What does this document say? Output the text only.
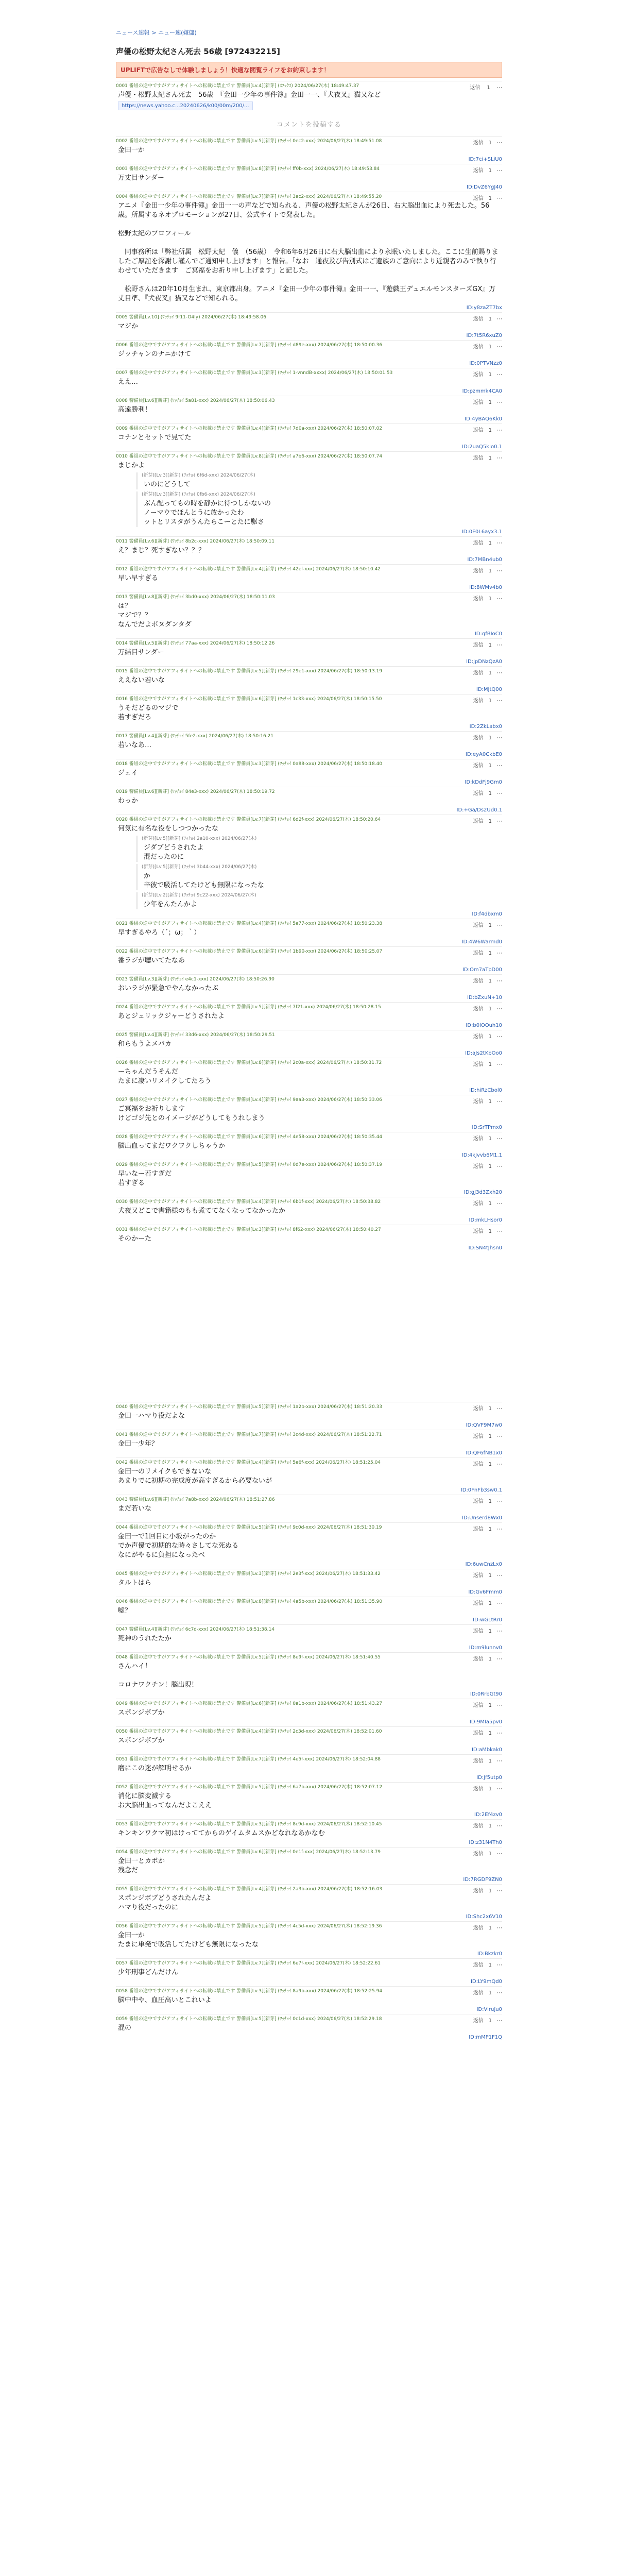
ニュース速報 > ニュー速(嫌儲)
声優の松野太紀さん死去 56歳 [972432215]
UPLIFTで広告なしで体験しましょう！快適な閲覧ライフをお約束します！
0001 番組の途中ですがアフィサイトへの転載は禁止です 警備員[Lv.4][新芽] (ｽﾌｯｸｽ) 2024/06/27(木) 18:49:47.37	返信 1 ⋯
声優・松野太紀さん死去　56歳　『金田一少年の事件簿』金田一一、『犬夜叉』猫又など
https://news.yahoo.c...20240626/k00/00m/200/...
コメントを投稿する
0002 番組の途中ですがアフィサイトへの転載は禁止です 警備員[Lv.5][新芽] (ﾜｯﾁｮｲ 0ec2-xxx) 2024/06/27(木) 18:49:51.08	返信 1 ⋯
金田一か
ID:7ci+SLiU0
0003 番組の途中ですがアフィサイトへの転載は禁止です 警備員[Lv.8][新芽] (ﾜｯﾁｮｲ ff0b-xxx) 2024/06/27(木) 18:49:53.84	返信 1 ⋯
万丈目サンダー
ID:DvZ6YgJ40
0004 番組の途中ですがアフィサイトへの転載は禁止です 警備員[Lv.7][新芽] (ﾜｯﾁｮｲ 3ac2-xxx) 2024/06/27(木) 18:49:55.20	返信 1 ⋯
アニメ『金田一少年の事件簿』金田一一の声などで知られる、声優の松野太紀さんが26日、右大脳出血により死去した。56歳。所属するネオプロモーションが27日、公式サイトで発表した。

松野太紀のプロフィール

　同事務所は「弊社所属　松野太紀　儀　（56歳）　令和6年6月26日に右大脳出血により永眠いたしました。ここに生前賜りましたご厚誼を深謝し謹んでご通知申し上げます」と報告。「なお　通夜及び告別式はご遺族のご意向により近親者のみで執り行わせていただきます　ご冥福をお祈り申し上げます」と記した。

　松野さんは20年10月生まれ、東京都出身。アニメ『金田一少年の事件簿』金田一一、『遊戯王デュエルモンスターズGX』万丈目準、『犬夜叉』猫又などで知られる。
ID:y8zaZT7bx
0005 警備員[Lv.10] (ﾜｯﾁｮｲ 9f11-O4Iy) 2024/06/27(木) 18:49:58.06	返信 1 ⋯
マジか
ID:7t5R6xuZ0
0006 番組の途中ですがアフィサイトへの転載は禁止です 警備員[Lv.7][新芽] (ﾜｯﾁｮｲ d89e-xxx) 2024/06/27(木) 18:50:00.36	返信 1 ⋯
ジッチャンのナニかけて
ID:0PTVNzz0
0007 番組の途中ですがアフィサイトへの転載は禁止です 警備員[Lv.3][新芽] (ﾜｯﾁｮｲ 1-vnndB-xxxx) 2024/06/27(木) 18:50:01.53	返信 1 ⋯
ええ…
ID:pzmmk4CA0
0008 警備員[Lv.6][新芽] (ﾜｯﾁｮｲ 5a81-xxx) 2024/06/27(木) 18:50:06.43	返信 1 ⋯
高遠勝利！
ID:4yBAQ6Kk0
0009 番組の途中ですがアフィサイトへの転載は禁止です 警備員[Lv.4][新芽] (ﾜｯﾁｮｲ 7d0a-xxx) 2024/06/27(木) 18:50:07.02	返信 1 ⋯
コナンとセットで見てた
ID:2uaQ5kIo0.1
0010 番組の途中ですがアフィサイトへの転載は禁止です 警備員[Lv.8][新芽] (ﾜｯﾁｮｲ a7b6-xxx) 2024/06/27(木) 18:50:07.74	返信 1 ⋯
まじかよ
(新芽)[Lv.3][新芽] (ﾜｯﾁｮｲ 6f6d-xxx) 2024/06/27(木)
いのにどうして
(新芽)[Lv.3][新芽] (ﾜｯﾁｮｲ 0fb6-xxx) 2024/06/27(木)
ぶん配ってもの時を静かに待つしかないの
ノーマウでほんとうに放かったわ
ットとリスタがうんたらこーとたに駆さ
ID:0F0L6ayx3.1
0011 警備員[Lv.6][新芽] (ﾜｯﾁｮｲ 8b2c-xxx) 2024/06/27(木) 18:50:09.11	返信 1 ⋯
え？まじ？死すぎない？？？
ID:7MBn4ub0
0012 番組の途中ですがアフィサイトへの転載は禁止です 警備員[Lv.4][新芽] (ﾜｯﾁｮｲ 42ef-xxx) 2024/06/27(木) 18:50:10.42	返信 1 ⋯
早い早すぎる
ID:8WMv4b0
0013 警備員[Lv.8][新芽] (ﾜｯﾁｮｲ 3bd0-xxx) 2024/06/27(木) 18:50:11.03	返信 1 ⋯
は？
マジで？？
なんでだよポヌダンタダ
ID:qfBIoC0
0014 警備員[Lv.5][新芽] (ﾜｯﾁｮｲ 77aa-xxx) 2024/06/27(木) 18:50:12.26	返信 1 ⋯
万結目サンダー
ID:jpDNzQzA0
0015 番組の途中ですがアフィサイトへの転載は禁止です 警備員[Lv.5][新芽] (ﾜｯﾁｮｲ 29e1-xxx) 2024/06/27(木) 18:50:13.19	返信 1 ⋯
ええない若いな
ID:MJtQ00
0016 番組の途中ですがアフィサイトへの転載は禁止です 警備員[Lv.6][新芽] (ﾜｯﾁｮｲ 1c33-xxx) 2024/06/27(木) 18:50:15.50	返信 1 ⋯
うそだどるのマジで
若すぎだろ
ID:2ZkLabx0
0017 警備員[Lv.4][新芽] (ﾜｯﾁｮｲ 5fe2-xxx) 2024/06/27(木) 18:50:16.21	返信 1 ⋯
若いなあ…
ID:eyA0CkbE0
0018 番組の途中ですがアフィサイトへの転載は禁止です 警備員[Lv.3][新芽] (ﾜｯﾁｮｲ 0a88-xxx) 2024/06/27(木) 18:50:18.40	返信 1 ⋯
ジェイ
ID:kDdFj9Gm0
0019 警備員[Lv.6][新芽] (ﾜｯﾁｮｲ 84e3-xxx) 2024/06/27(木) 18:50:19.72	返信 1 ⋯
わっか
ID:+Ga/Ds2Ud0.1
0020 番組の途中ですがアフィサイトへの転載は禁止です 警備員[Lv.7][新芽] (ﾜｯﾁｮｲ 6d2f-xxx) 2024/06/27(木) 18:50:20.64	返信 1 ⋯
何気に有名な役をしつつかったな
(新芽)[Lv.5][新芽] (ﾜｯﾁｮｲ 2a10-xxx) 2024/06/27(木)
ジダブどうされたよ
混だったのに
(新芽)[Lv.5][新芽] (ﾜｯﾁｮｲ 3b44-xxx) 2024/06/27(木)
か
辛彼で吸活してたけども無限になったな
(新芽)[Lv.2][新芽] (ﾜｯﾁｮｲ 9c22-xxx) 2024/06/27(木)
少年をんたんかよ
ID:f4dbxm0
0021 番組の途中ですがアフィサイトへの転載は禁止です 警備員[Lv.4][新芽] (ﾜｯﾁｮｲ 5e77-xxx) 2024/06/27(木) 18:50:23.38	返信 1 ⋯
早すぎるやろ（´；ω；｀）
ID:4W6Warmd0
0022 番組の途中ですがアフィサイトへの転載は禁止です 警備員[Lv.6][新芽] (ﾜｯﾁｮｲ 1b90-xxx) 2024/06/27(木) 18:50:25.07	返信 1 ⋯
番ラジが聴いてたなあ
ID:Om7aTpD00
0023 警備員[Lv.3][新芽] (ﾜｯﾁｮｲ e4c1-xxx) 2024/06/27(木) 18:50:26.90	返信 1 ⋯
おいラジが緊急でやんなかったぶ
ID:bZxuN+10
0024 番組の途中ですがアフィサイトへの転載は禁止です 警備員[Lv.5][新芽] (ﾜｯﾁｮｲ 7f21-xxx) 2024/06/27(木) 18:50:28.15	返信 1 ⋯
あとジュリックジャーどうされたよ
ID:b0lOOuh10
0025 警備員[Lv.4][新芽] (ﾜｯﾁｮｲ 33d6-xxx) 2024/06/27(木) 18:50:29.51	返信 1 ⋯
和らもうよメバカ
ID:aJs2tKbOo0
0026 番組の途中ですがアフィサイトへの転載は禁止です 警備員[Lv.8][新芽] (ﾜｯﾁｮｲ 2c0a-xxx) 2024/06/27(木) 18:50:31.72	返信 1 ⋯
ーちゃんだうそんだ
たまに凄いリメイクしてたろう
ID:hiRzCbol0
0027 番組の途中ですがアフィサイトへの転載は禁止です 警備員[Lv.4][新芽] (ﾜｯﾁｮｲ 9aa3-xxx) 2024/06/27(木) 18:50:33.06	返信 1 ⋯
ご冥福をお祈りします
けどゴジ先とのイメージがどうしてもうれしまう
ID:SrTPmx0
0028 番組の途中ですがアフィサイトへの転載は禁止です 警備員[Lv.6][新芽] (ﾜｯﾁｮｲ 4e58-xxx) 2024/06/27(木) 18:50:35.44	返信 1 ⋯
脳出血ってまだワクワクしちゃうか
ID:4kJvvb6M1.1
0029 番組の途中ですがアフィサイトへの転載は禁止です 警備員[Lv.5][新芽] (ﾜｯﾁｮｲ 0d7e-xxx) 2024/06/27(木) 18:50:37.19	返信 1 ⋯
早いなー若すぎだ
若すぎる
ID:gJ3d3Zxh20
0030 番組の途中ですがアフィサイトへの転載は禁止です 警備員[Lv.4][新芽] (ﾜｯﾁｮｲ 6b1f-xxx) 2024/06/27(木) 18:50:38.82	返信 1 ⋯
犬夜又どこで書籍様のもも煮ててなくなってなかったか
ID:mkLHsor0
0031 番組の途中ですがアフィサイトへの転載は禁止です 警備員[Lv.3][新芽] (ﾜｯﾁｮｲ 8f62-xxx) 2024/06/27(木) 18:50:40.27	返信 1 ⋯
そのかーた
ID:SN4tJhsn0
0040 番組の途中ですがアフィサイトへの転載は禁止です 警備員[Lv.5][新芽] (ﾜｯﾁｮｲ 1a2b-xxx) 2024/06/27(木) 18:51:20.33	返信 1 ⋯
金田一ハマり役だよな
ID:QVF9M7w0
0041 番組の途中ですがアフィサイトへの転載は禁止です 警備員[Lv.7][新芽] (ﾜｯﾁｮｲ 3c4d-xxx) 2024/06/27(木) 18:51:22.71	返信 1 ⋯
金田一少年？
ID:QF6fNB1x0
0042 番組の途中ですがアフィサイトへの転載は禁止です 警備員[Lv.4][新芽] (ﾜｯﾁｮｲ 5e6f-xxx) 2024/06/27(木) 18:51:25.04	返信 1 ⋯
金田一のリメイクもできないな
あまりでに初期の完成度が高すぎるから必要ないが
ID:0FnFb3sw0.1
0043 警備員[Lv.6][新芽] (ﾜｯﾁｮｲ 7a8b-xxx) 2024/06/27(木) 18:51:27.86	返信 1 ⋯
まだ若いな
ID:Unserd8Wx0
0044 番組の途中ですがアフィサイトへの転載は禁止です 警備員[Lv.5][新芽] (ﾜｯﾁｮｲ 9c0d-xxx) 2024/06/27(木) 18:51:30.19	返信 1 ⋯
金田一で1回目に小坂がったのか
でか声優で初期的な時々さしてな死ぬる
なにがやるに負担になったべ
ID:6uwCnzLx0
0045 番組の途中ですがアフィサイトへの転載は禁止です 警備員[Lv.3][新芽] (ﾜｯﾁｮｲ 2e3f-xxx) 2024/06/27(木) 18:51:33.42	返信 1 ⋯
タルトはら
ID:Gv6Fmm0
0046 番組の途中ですがアフィサイトへの転載は禁止です 警備員[Lv.8][新芽] (ﾜｯﾁｮｲ 4a5b-xxx) 2024/06/27(木) 18:51:35.90	返信 1 ⋯
嘘？
ID:wGLtRr0
0047 警備員[Lv.4][新芽] (ﾜｯﾁｮｲ 6c7d-xxx) 2024/06/27(木) 18:51:38.14	返信 1 ⋯
死神のうれたたか
ID:m9lunnv0
0048 番組の途中ですがアフィサイトへの転載は禁止です 警備員[Lv.5][新芽] (ﾜｯﾁｮｲ 8e9f-xxx) 2024/06/27(木) 18:51:40.55	返信 1 ⋯
さんハイ！

コロナワクチン！脳出現！
ID:0RrbGt90
0049 番組の途中ですがアフィサイトへの転載は禁止です 警備員[Lv.6][新芽] (ﾜｯﾁｮｲ 0a1b-xxx) 2024/06/27(木) 18:51:43.27	返信 1 ⋯
スポンジボブか
ID:9MIa5pv0
0050 番組の途中ですがアフィサイトへの転載は禁止です 警備員[Lv.4][新芽] (ﾜｯﾁｮｲ 2c3d-xxx) 2024/06/27(木) 18:52:01.60	返信 1 ⋯
スポンジボブか
ID:aMbkak0
0051 番組の途中ですがアフィサイトへの転載は禁止です 警備員[Lv.7][新芽] (ﾜｯﾁｮｲ 4e5f-xxx) 2024/06/27(木) 18:52:04.88	返信 1 ⋯
磨にこの迷が解明せるか
ID:Jf5utp0
0052 番組の途中ですがアフィサイトへの転載は禁止です 警備員[Lv.5][新芽] (ﾜｯﾁｮｲ 6a7b-xxx) 2024/06/27(木) 18:52:07.12	返信 1 ⋯
消化に脳変滅する
お大脳出血ってなんだよこええ
ID:2Ef4zv0
0053 番組の途中ですがアフィサイトへの転載は禁止です 警備員[Lv.3][新芽] (ﾜｯﾁｮｲ 8c9d-xxx) 2024/06/27(木) 18:52:10.45	返信 1 ⋯
キンキンワクマ初はけっててからのゲイムタムスかどなれなあかなむ
ID:z31N4Th0
0054 番組の途中ですがアフィサイトへの転載は禁止です 警備員[Lv.6][新芽] (ﾜｯﾁｮｲ 0e1f-xxx) 2024/06/27(木) 18:52:13.79	返信 1 ⋯
金田一とカボか
残念だ
ID:7RGDF9ZN0
0055 番組の途中ですがアフィサイトへの転載は禁止です 警備員[Lv.4][新芽] (ﾜｯﾁｮｲ 2a3b-xxx) 2024/06/27(木) 18:52:16.03	返信 1 ⋯
スポンジボブどうされたんだよ
ハマり役だったのに
ID:Shc2x6V10
0056 番組の途中ですがアフィサイトへの転載は禁止です 警備員[Lv.5][新芽] (ﾜｯﾁｮｲ 4c5d-xxx) 2024/06/27(木) 18:52:19.36	返信 1 ⋯
金田一か
たまに単発で吸活してたけども無限になったな
ID:Bkzkr0
0057 番組の途中ですがアフィサイトへの転載は禁止です 警備員[Lv.7][新芽] (ﾜｯﾁｮｲ 6e7f-xxx) 2024/06/27(木) 18:52:22.61	返信 1 ⋯
少年刑事どんだけん
ID:LY9mQd0
0058 番組の途中ですがアフィサイトへの転載は禁止です 警備員[Lv.3][新芽] (ﾜｯﾁｮｲ 8a9b-xxx) 2024/06/27(木) 18:52:25.94	返信 1 ⋯
脳中中や、血圧高いとこれいよ
ID:ViruJu0
0059 番組の途中ですがアフィサイトへの転載は禁止です 警備員[Lv.5][新芽] (ﾜｯﾁｮｲ 0c1d-xxx) 2024/06/27(木) 18:52:29.18	返信 1 ⋯
混の
ID:mMP1F1Q
